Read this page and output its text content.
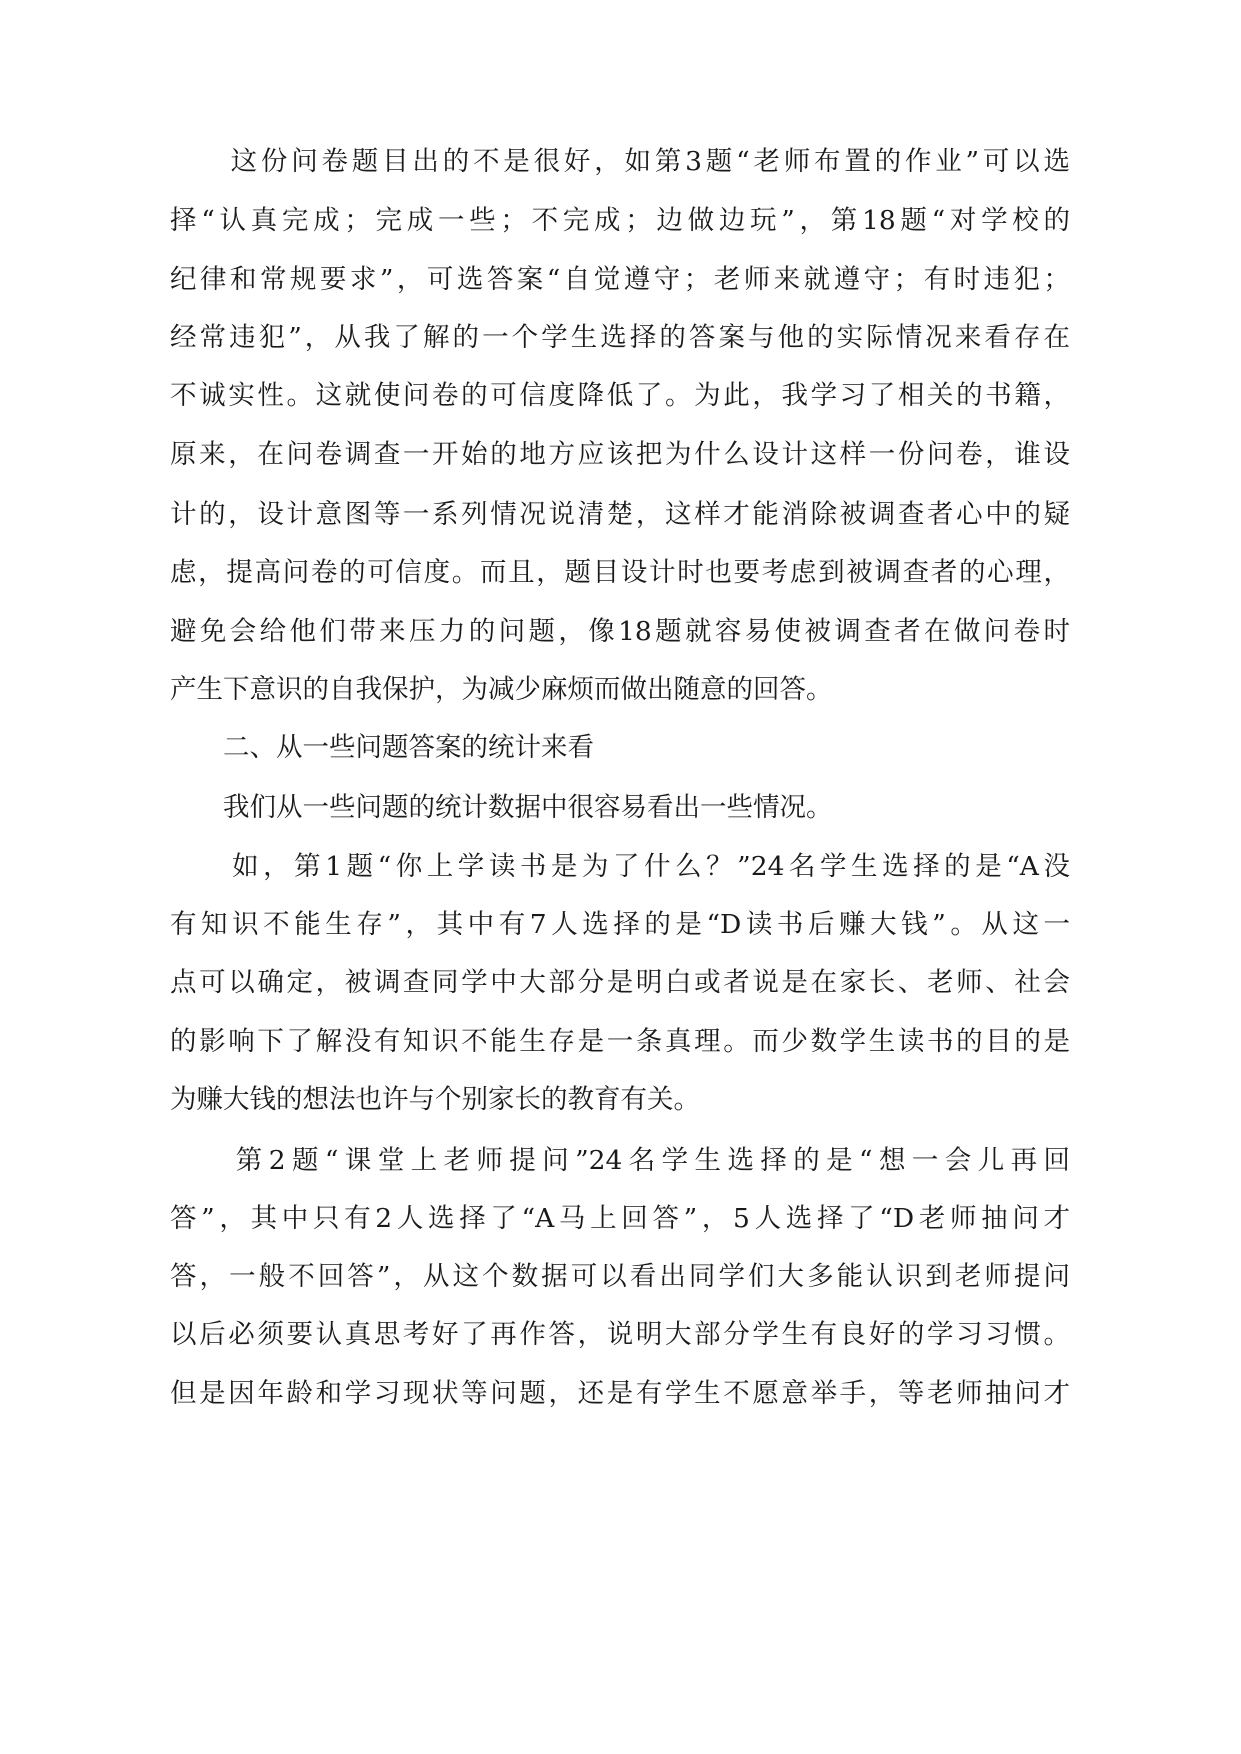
　　这份问卷题目出的不是很好，如第3题“老师布置的作业”可以选

择“认真完成；完成一些；不完成；边做边玩”，第18题“对学校的

纪律和常规要求”，可选答案“自觉遵守；老师来就遵守；有时违犯；

经常违犯”，从我了解的一个学生选择的答案与他的实际情况来看存在

不诚实性。这就使问卷的可信度降低了。为此，我学习了相关的书籍，

原来，在问卷调查一开始的地方应该把为什么设计这样一份问卷，谁设

计的，设计意图等一系列情况说清楚，这样才能消除被调查者心中的疑

虑，提高问卷的可信度。而且，题目设计时也要考虑到被调查者的心理，

避免会给他们带来压力的问题，像18题就容易使被调查者在做问卷时

产生下意识的自我保护，为减少麻烦而做出随意的回答。

　　二、从一些问题答案的统计来看

　　我们从一些问题的统计数据中很容易看出一些情况。

　　如，第1题“你上学读书是为了什么？”24名学生选择的是“A没

有知识不能生存”，其中有7人选择的是“D读书后赚大钱”。从这一

点可以确定，被调查同学中大部分是明白或者说是在家长、老师、社会

的影响下了解没有知识不能生存是一条真理。而少数学生读书的目的是

为赚大钱的想法也许与个别家长的教育有关。

　　第2题“课堂上老师提问”24名学生选择的是“想一会儿再回

答”，其中只有2人选择了“A马上回答”，5人选择了“D老师抽问才

答，一般不回答”，从这个数据可以看出同学们大多能认识到老师提问

以后必须要认真思考好了再作答，说明大部分学生有良好的学习习惯。

但是因年龄和学习现状等问题，还是有学生不愿意举手，等老师抽问才
